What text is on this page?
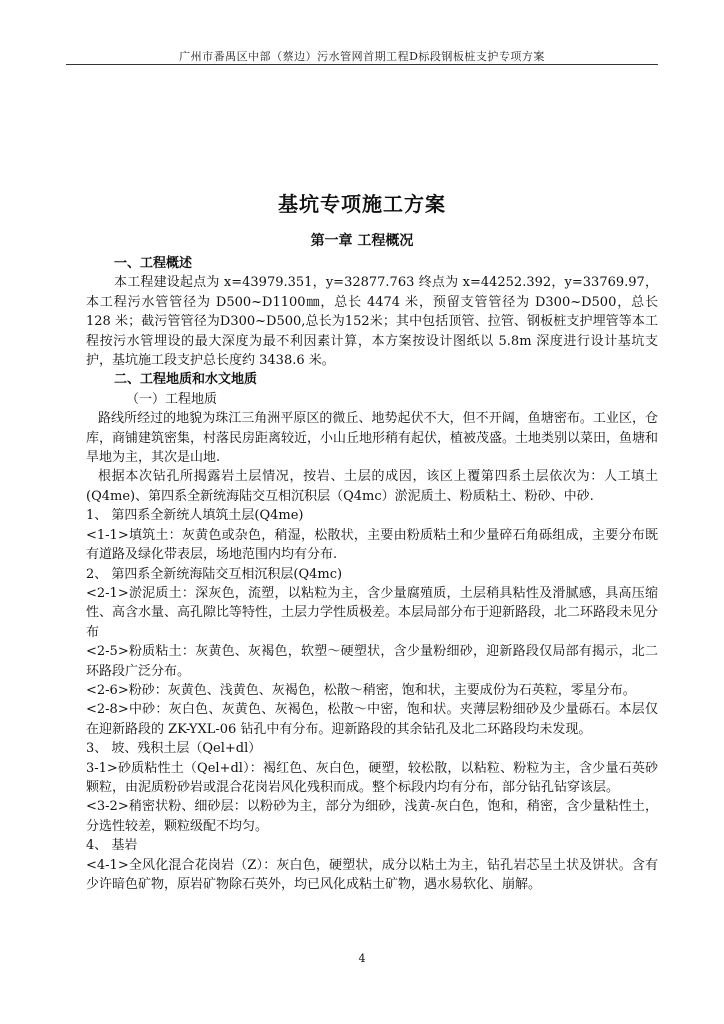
广州市番禺区中部（蔡边）污水管网首期工程D标段钢板桩支护专项方案
基坑专项施工方案
第一章 工程概况

一、工程概述

本工程建设起点为 x=43979.351，y=32877.763 终点为 x=44252.392，y=33769.97，本工程污水管管径为 D500~D1100㎜，总长 4474 米，预留支管管径为 D300~D500，总长 128 米；截污管管径为D300~D500,总长为152米；其中包括顶管、拉管、钢板桩支护埋管等本工程按污水管埋设的最大深度为最不利因素计算，本方案按设计图纸以 5.8m 深度进行设计基坑支护，基坑施工段支护总长度约 3438.6 米。

二、工程地质和水文地质

（一）工程地质

路线所经过的地貌为珠江三角洲平原区的微丘、地势起伏不大，但不开阔，鱼塘密布。工业区，仓库，商铺建筑密集，村落民房距离较近，小山丘地形稍有起伏，植被茂盛。土地类别以菜田，鱼塘和旱地为主，其次是山地.

根据本次钻孔所揭露岩土层情况，按岩、土层的成因，该区上覆第四系土层依次为：人工填土(Q4me)、第四系全新统海陆交互相沉积层（Q4mc）淤泥质土、粉质粘土、粉砂、中砂.

1、 第四系全新统人填筑土层(Q4me)

<1-1>填筑土：灰黄色或杂色，稍湿，松散状，主要由粉质粘土和少量碎石角砾组成，主要分布既有道路及绿化带表层，场地范围内均有分布.

2、 第四系全新统海陆交互相沉积层(Q4mc)

<2-1>淤泥质土：深灰色，流塑，以粘粒为主，含少量腐殖质，土层稍具粘性及滑腻感，具高压缩性、高含水量、高孔隙比等特性，土层力学性质极差。本层局部分布于迎新路段，北二环路段未见分布

<2-5>粉质粘土：灰黄色、灰褐色，软塑～硬塑状，含少量粉细砂，迎新路段仅局部有揭示，北二环路段广泛分布。

<2-6>粉砂：灰黄色、浅黄色、灰褐色，松散～稍密，饱和状，主要成份为石英粒，零星分布。

<2-8>中砂：灰白色、灰黄色、灰褐色，松散～中密，饱和状。夹薄层粉细砂及少量砾石。本层仅在迎新路段的 ZK-YXL-06 钻孔中有分布。迎新路段的其余钻孔及北二环路段均未发现。

3、 坡、残积土层（Qel+dl）

3-1>砂质粘性土（Qel+dl）：褐红色、灰白色，硬塑，较松散，以粘粒、粉粒为主，含少量石英砂颗粒，由泥质粉砂岩或混合花岗岩风化残积而成。整个标段内均有分布，部分钻孔钻穿该层。

<3-2>稍密状粉、细砂层：以粉砂为主，部分为细砂，浅黄-灰白色，饱和，稍密，含少量粘性土，分选性较差，颗粒级配不均匀。

4、 基岩

<4-1>全风化混合花岗岩（Z）：灰白色，硬塑状，成分以粘土为主，钻孔岩芯呈土状及饼状。含有少许暗色矿物，原岩矿物除石英外，均已风化成粘土矿物，遇水易软化、崩解。

4
